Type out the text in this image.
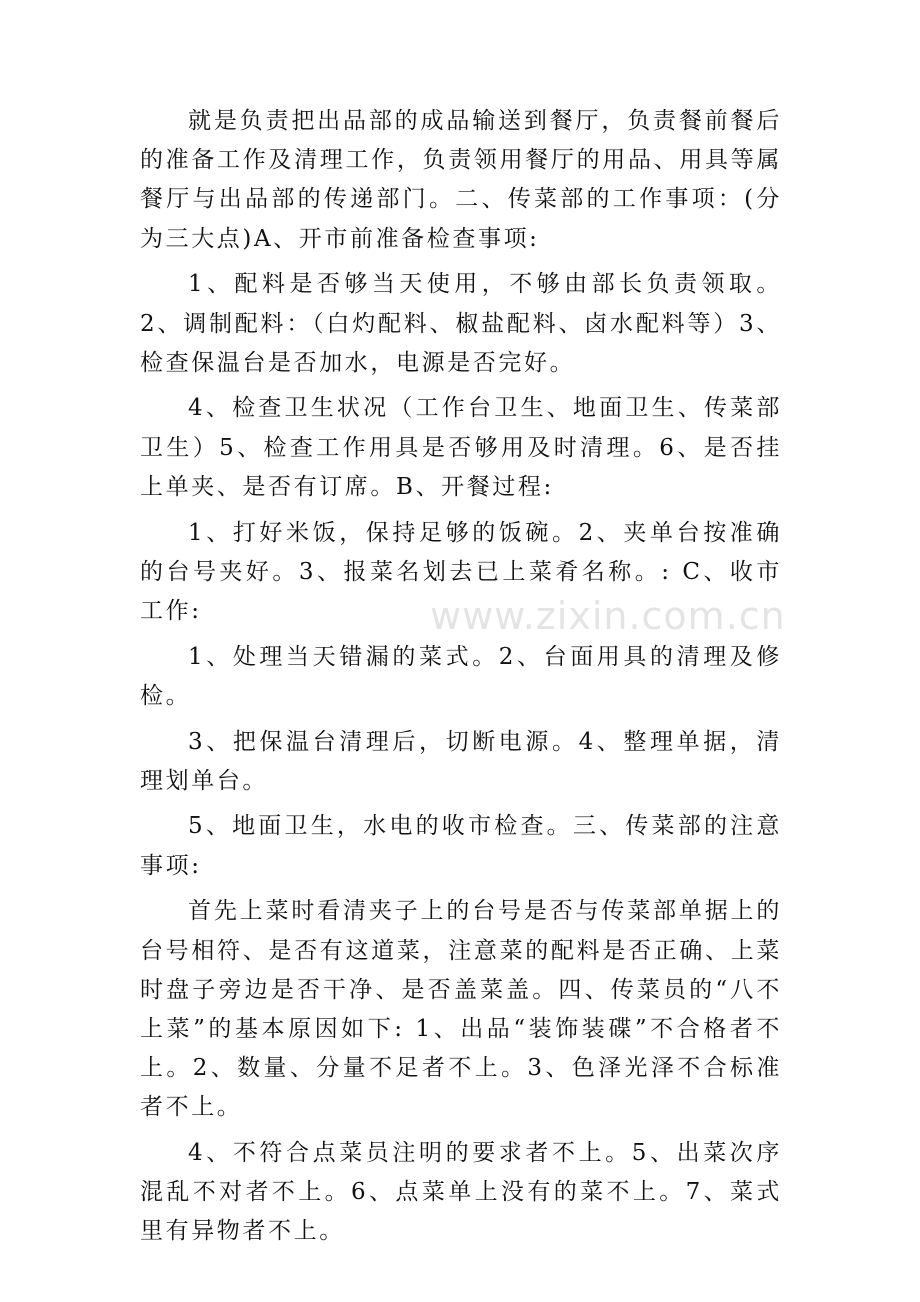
就是负责把出品部的成品输送到餐厅，负责餐前餐后的准备工作及清理工作，负责领用餐厅的用品、用具等属餐厅与出品部的传递部门。二、传菜部的工作事项：(分为三大点)A、开市前准备检查事项:

1、配料是否够当天使用，不够由部长负责领取。2、调制配料：（白灼配料、椒盐配料、卤水配料等）3、检查保温台是否加水，电源是否完好。

4、检查卫生状况（工作台卫生、地面卫生、传菜部卫生）5、检查工作用具是否够用及时清理。6、是否挂上单夹、是否有订席。B、开餐过程:

1、打好米饭，保持足够的饭碗。2、夹单台按准确的台号夹好。3、报菜名划去已上菜肴名称。: C、收市工作:

1、处理当天错漏的菜式。2、台面用具的清理及修检。

3、把保温台清理后，切断电源。4、整理单据，清理划单台。

5、地面卫生，水电的收市检查。三、传菜部的注意事项:

首先上菜时看清夹子上的台号是否与传菜部单据上的台号相符、是否有这道菜，注意菜的配料是否正确、上菜时盘子旁边是否干净、是否盖菜盖。四、传菜员的“八不上菜”的基本原因如下: 1、出品“装饰装碟”不合格者不上。2、数量、分量不足者不上。3、色泽光泽不合标准者不上。

4、不符合点菜员注明的要求者不上。5、出菜次序混乱不对者不上。6、点菜单上没有的菜不上。7、菜式里有异物者不上。

www.zixin.com.cn
